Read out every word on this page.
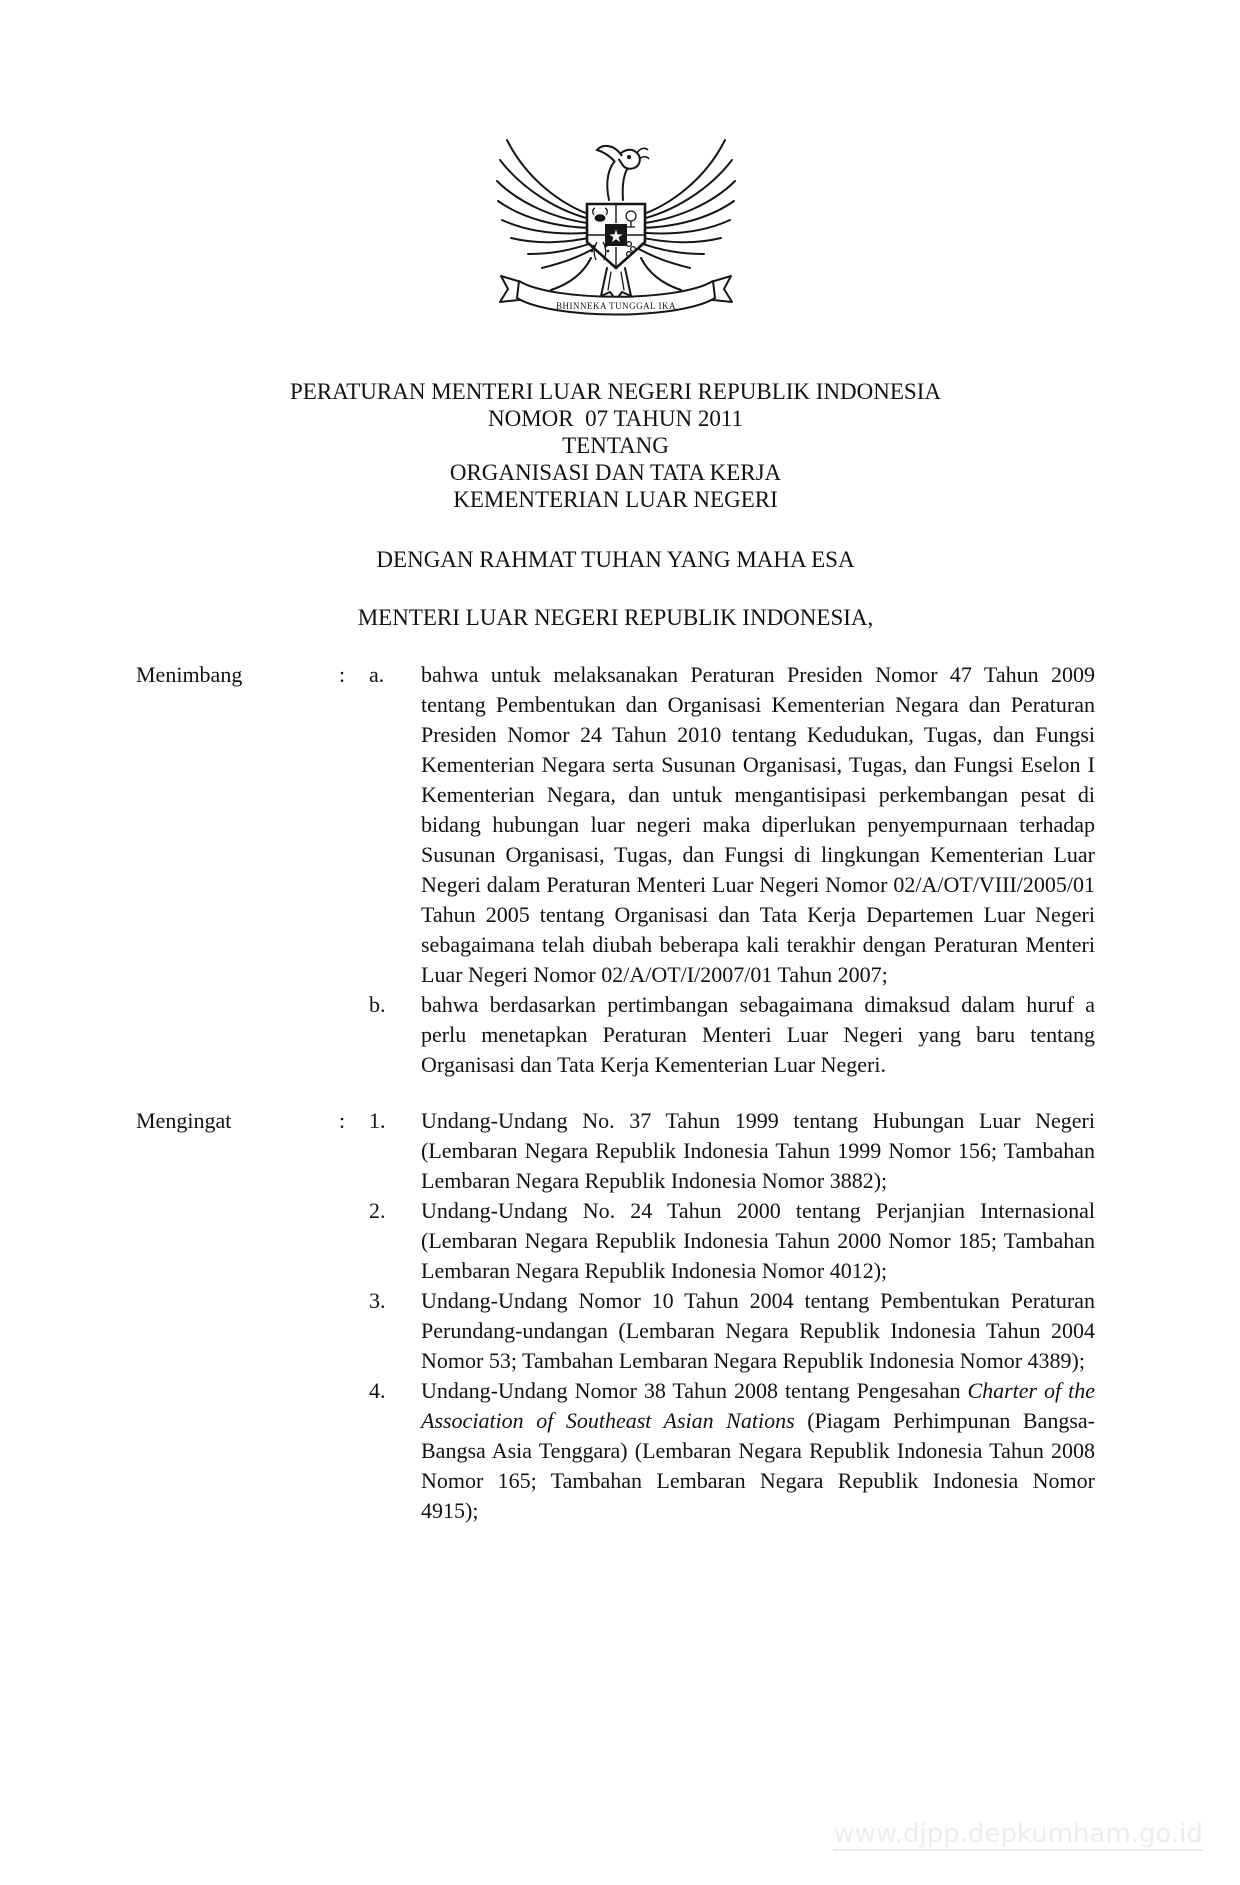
★
BHINNEKA TUNGGAL IKA
PERATURAN MENTERI LUAR NEGERI REPUBLIK INDONESIA
NOMOR  07 TAHUN 2011
TENTANG
ORGANISASI DAN TATA KERJA
KEMENTERIAN LUAR NEGERI
DENGAN RAHMAT TUHAN YANG MAHA ESA
MENTERI LUAR NEGERI REPUBLIK INDONESIA,
Menimbang	:	a.	bahwa untuk melaksanakan Peraturan Presiden Nomor 47 Tahun 2009 tentang Pembentukan dan Organisasi Kementerian Negara dan Peraturan Presiden Nomor 24 Tahun 2010 tentang Kedudukan, Tugas, dan Fungsi Kementerian Negara serta Susunan Organisasi, Tugas, dan Fungsi Eselon I Kementerian Negara, dan untuk mengantisipasi perkembangan pesat di bidang hubungan luar negeri maka diperlukan penyempurnaan terhadap Susunan Organisasi, Tugas, dan Fungsi di lingkungan Kementerian Luar Negeri dalam Peraturan Menteri Luar Negeri Nomor 02/A/OT/VIII/2005/01 Tahun 2005 tentang Organisasi dan Tata Kerja Departemen Luar Negeri sebagaimana telah diubah beberapa kali terakhir dengan Peraturan Menteri Luar Negeri Nomor 02/A/OT/I/2007/01 Tahun 2007;
b.	bahwa berdasarkan pertimbangan sebagaimana dimaksud dalam huruf a perlu menetapkan Peraturan Menteri Luar Negeri yang baru tentang Organisasi dan Tata Kerja Kementerian Luar Negeri.
Mengingat	:	1.	Undang-Undang No. 37 Tahun 1999 tentang Hubungan Luar Negeri (Lembaran Negara Republik Indonesia Tahun 1999 Nomor 156; Tambahan Lembaran Negara Republik Indonesia Nomor 3882);
2.	Undang-Undang No. 24 Tahun 2000 tentang Perjanjian Internasional (Lembaran Negara Republik Indonesia Tahun 2000 Nomor 185; Tambahan Lembaran Negara Republik Indonesia Nomor 4012);
3.	Undang-Undang Nomor 10 Tahun 2004 tentang Pembentukan Peraturan Perundang-undangan (Lembaran Negara Republik Indonesia Tahun 2004 Nomor 53; Tambahan Lembaran Negara Republik Indonesia Nomor 4389);
4.	Undang-Undang Nomor 38 Tahun 2008 tentang Pengesahan Charter of the Association of Southeast Asian Nations (Piagam Perhimpunan Bangsa-Bangsa Asia Tenggara) (Lembaran Negara Republik Indonesia Tahun 2008 Nomor 165; Tambahan Lembaran Negara Republik Indonesia Nomor 4915);
www.djpp.depkumham.go.id
